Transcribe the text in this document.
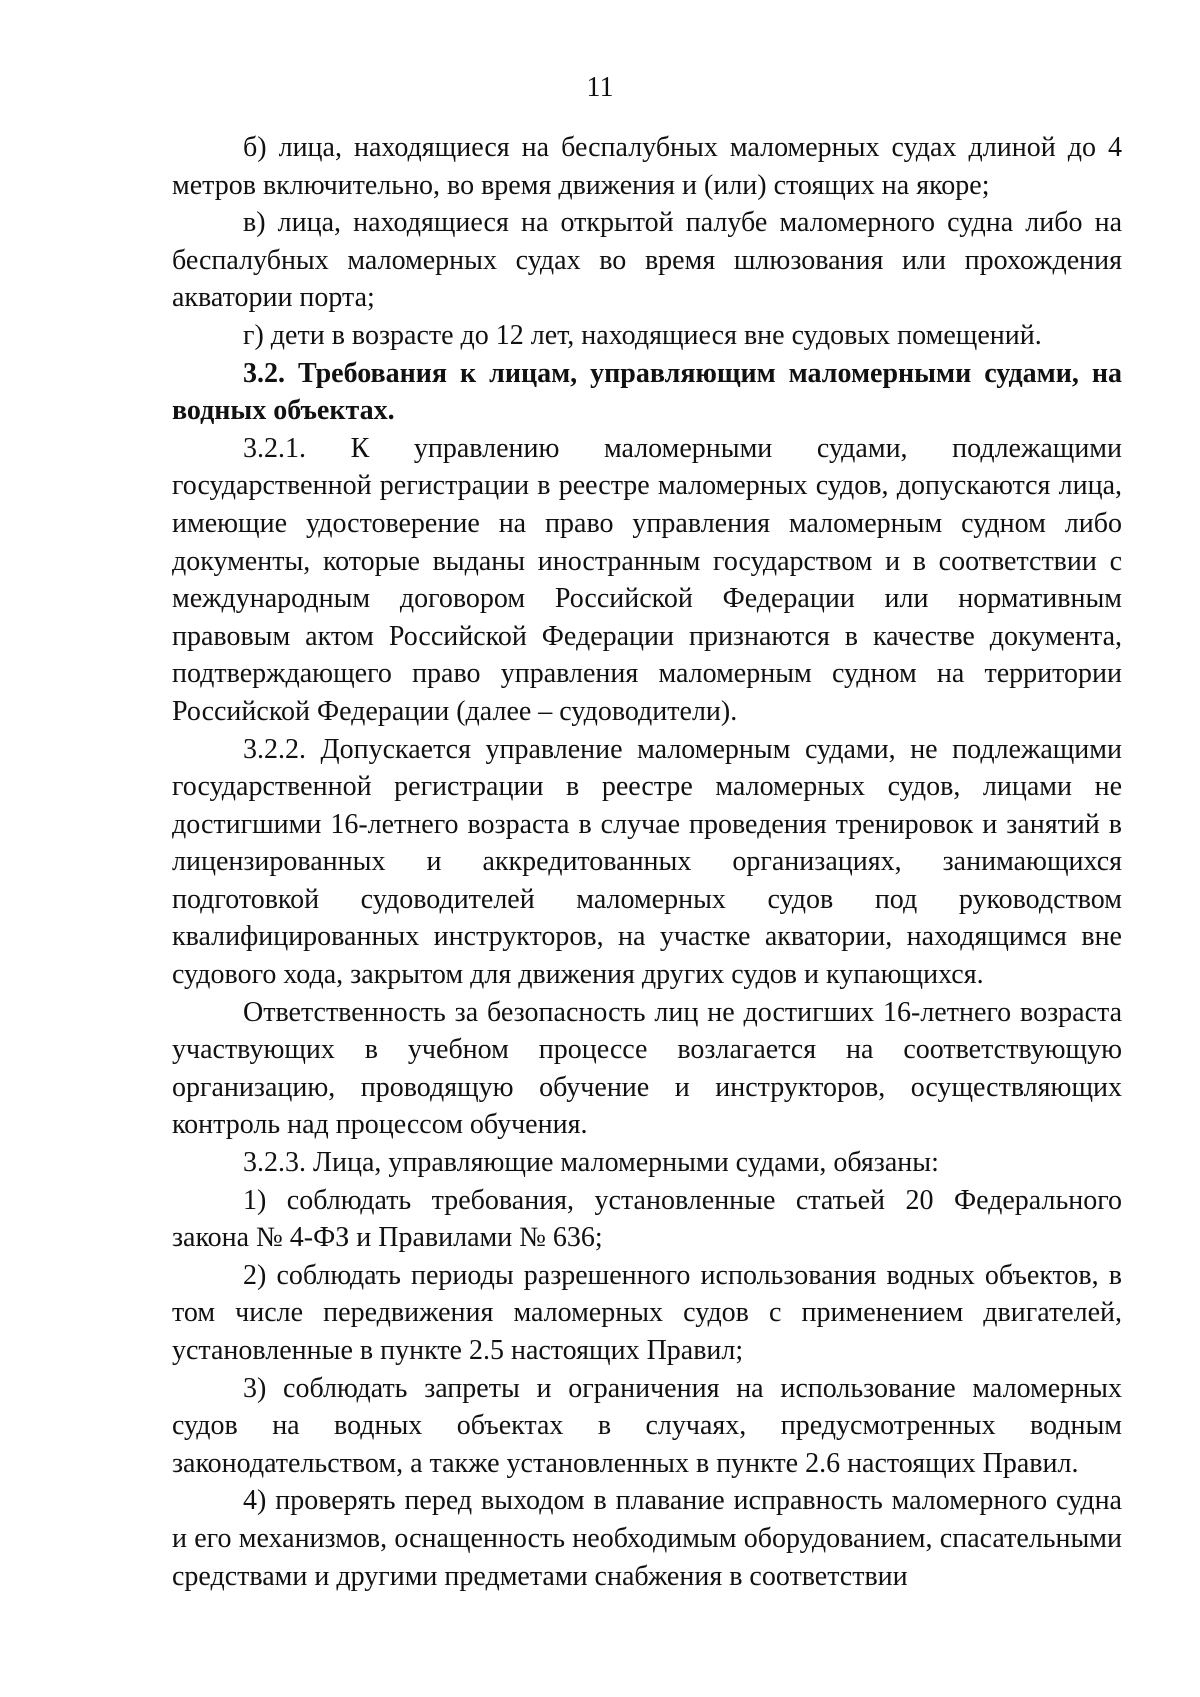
11

б) лица, находящиеся на беспалубных маломерных судах длиной до 4 метров включительно, во время движения и (или) стоящих на якоре;

в) лица, находящиеся на открытой палубе маломерного судна либо на беспалубных маломерных судах во время шлюзования или прохождения акватории порта;

г) дети в возрасте до 12 лет, находящиеся вне судовых помещений.

3.2. Требования к лицам, управляющим маломерными судами, на водных объектах.

3.2.1. К управлению маломерными судами, подлежащими государственной регистрации в реестре маломерных судов, допускаются лица, имеющие удостоверение на право управления маломерным судном либо документы, которые выданы иностранным государством и в соответствии с международным договором Российской Федерации или нормативным правовым актом Российской Федерации признаются в качестве документа, подтверждающего право управления маломерным судном на территории Российской Федерации (далее – судоводители).

3.2.2. Допускается управление маломерным судами, не подлежащими государственной регистрации в реестре маломерных судов, лицами не достигшими 16-летнего возраста в случае проведения тренировок и занятий в лицензированных и аккредитованных организациях, занимающихся подготовкой судоводителей маломерных судов под руководством квалифицированных инструкторов, на участке акватории, находящимся вне судового хода, закрытом для движения других судов и купающихся.

Ответственность за безопасность лиц не достигших 16-летнего возраста участвующих в учебном процессе возлагается на соответствующую организацию, проводящую обучение и инструкторов, осуществляющих контроль над процессом обучения.

3.2.3. Лица, управляющие маломерными судами, обязаны:

1) соблюдать требования, установленные статьей 20 Федерального закона № 4-ФЗ и Правилами № 636;

2) соблюдать периоды разрешенного использования водных объектов, в том числе передвижения маломерных судов с применением двигателей, установленные в пункте 2.5 настоящих Правил;

3) соблюдать запреты и ограничения на использование маломерных судов на водных объектах в случаях, предусмотренных водным законодательством, а также установленных в пункте 2.6 настоящих Правил.

4) проверять перед выходом в плавание исправность маломерного судна и его механизмов, оснащенность необходимым оборудованием, спасательными средствами и другими предметами снабжения в соответствии
